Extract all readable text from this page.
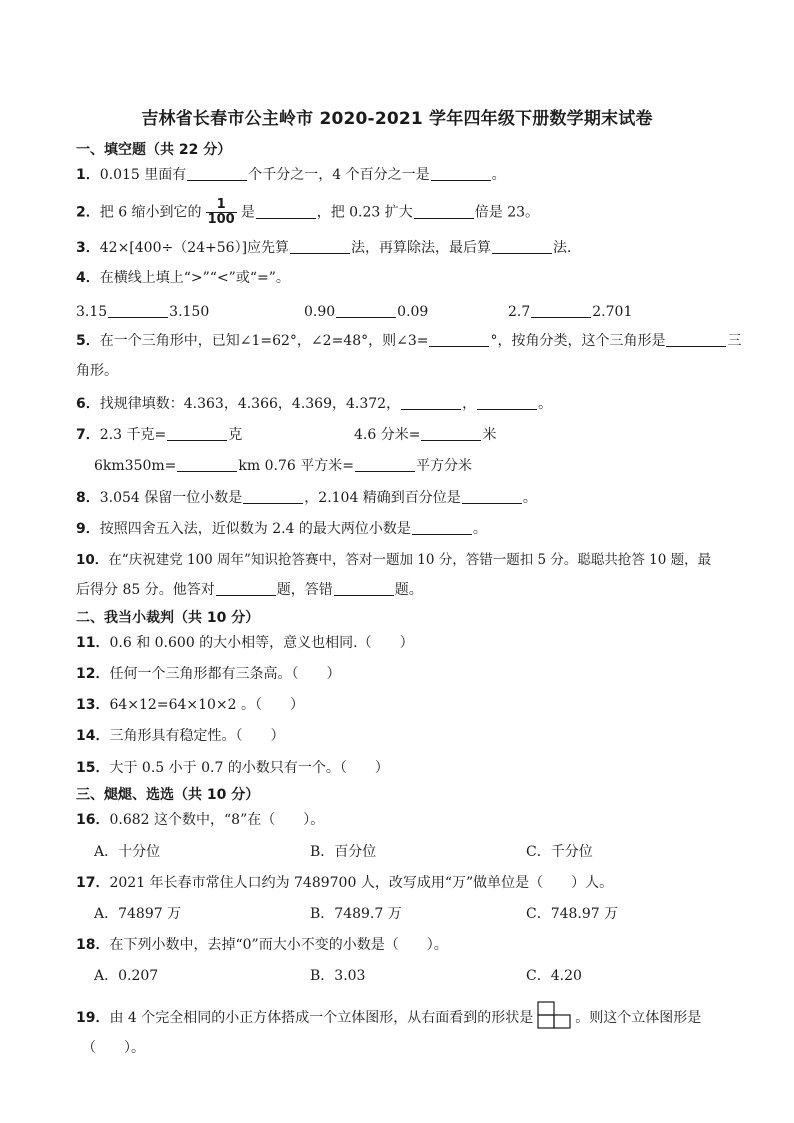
吉林省长春市公主岭市 2020-2021 学年四年级下册数学期末试卷
一、填空题（共 22 分）
1．0.015 里面有	个千分之一，4 个百分之一是	。
2．把 6 缩小到它的 $\frac{1}{100}$ 是	，把 0.23 扩大	倍是 23。
3．42×[400÷（24+56）]应先算	法，再算除法，最后算	法．
4．在横线上填上“>”“<”或“=”。
3.15	3.150	0.90	0.09	2.7	2.701
5．在一个三角形中，已知∠1=62°，∠2=48°，则∠3=	°，按角分类，这个三角形是	三
角形。
6．找规律填数：4.363，4.366，4.369，4.372，	，	。
7．2.3 千克=	克	4.6 分米=	米
6km350m=	km 0.76 平方米=	平方分米
8．3.054 保留一位小数是	，2.104 精确到百分位是	。
9．按照四舍五入法，近似数为 2.4 的最大两位小数是	。
10．在“庆祝建党 100 周年”知识抢答赛中，答对一题加 10 分，答错一题扣 5 分。聪聪共抢答 10 题，最
后得分 85 分。他答对	题，答错	题。
二、我当小裁判（共 10 分）
11．0.6 和 0.600 的大小相等，意义也相同.（　　）
12．任何一个三角形都有三条高。（　　）
13．64×12=64×10×2 。（　　）
14．三角形具有稳定性。（　　）
15．大于 0.5 小于 0.7 的小数只有一个。（　　）
三、煺煺、选选（共 10 分）
16．0.682 这个数中，“8”在（　　）。
A．十分位	B．百分位	C．千分位
17．2021 年长春市常住人口约为 7489700 人，改写成用“万”做单位是（　　）人。
A．74897 万	B．7489.7 万	C．748.97 万
18．在下列小数中，去掉“0”而大小不变的小数是（　　）。
A．0.207	B．3.03	C．4.20
19．由 4 个完全相同的小正方体搭成一个立体图形，从右面看到的形状是	。则这个立体图形是
（　　）。
